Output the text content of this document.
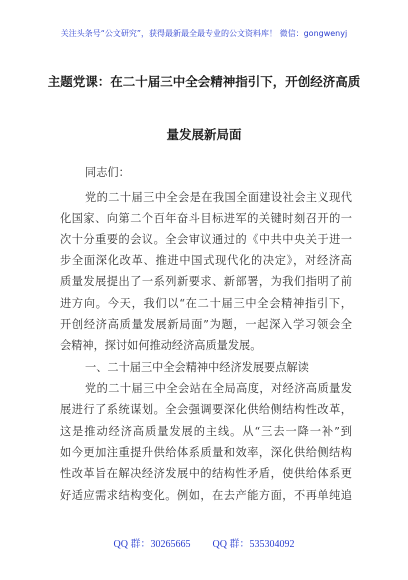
关注头条号“公文研究”，获得最新最全最专业的公文资料库！ 微信：gongwenyj
主题党课：在二十届三中全会精神指引下，开创经济高质
量发展新局面
同志们：
党的二十届三中全会是在我国全面建设社会主义现代
化国家、向第二个百年奋斗目标进军的关键时刻召开的一
次十分重要的会议。全会审议通过的《中共中央关于进一
步全面深化改革、推进中国式现代化的决定》，对经济高
质量发展提出了一系列新要求、新部署，为我们指明了前
进方向。今天，我们以“在二十届三中全会精神指引下，
开创经济高质量发展新局面”为题，一起深入学习领会全
会精神，探讨如何推动经济高质量发展。
一、二十届三中全会精神中经济发展要点解读
党的二十届三中全会站在全局高度，对经济高质量发
展进行了系统谋划。全会强调要深化供给侧结构性改革，
这是推动经济高质量发展的主线。从“三去一降一补”到
如今更加注重提升供给体系质量和效率，深化供给侧结构
性改革旨在解决经济发展中的结构性矛盾，使供给体系更
好适应需求结构变化。例如，在去产能方面，不再单纯追
QQ 群：30265665 QQ 群：535304092
